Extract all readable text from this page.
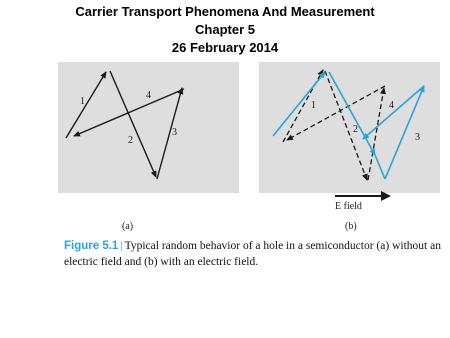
Carrier Transport Phenomena And Measurement
Chapter 5
26 February 2014
1
2
3
4
1
2
3
4
E field
(a)	(b)
Figure 5.1 | Typical random behavior of a hole in a semiconductor (a) without an electric field and (b) with an electric field.
